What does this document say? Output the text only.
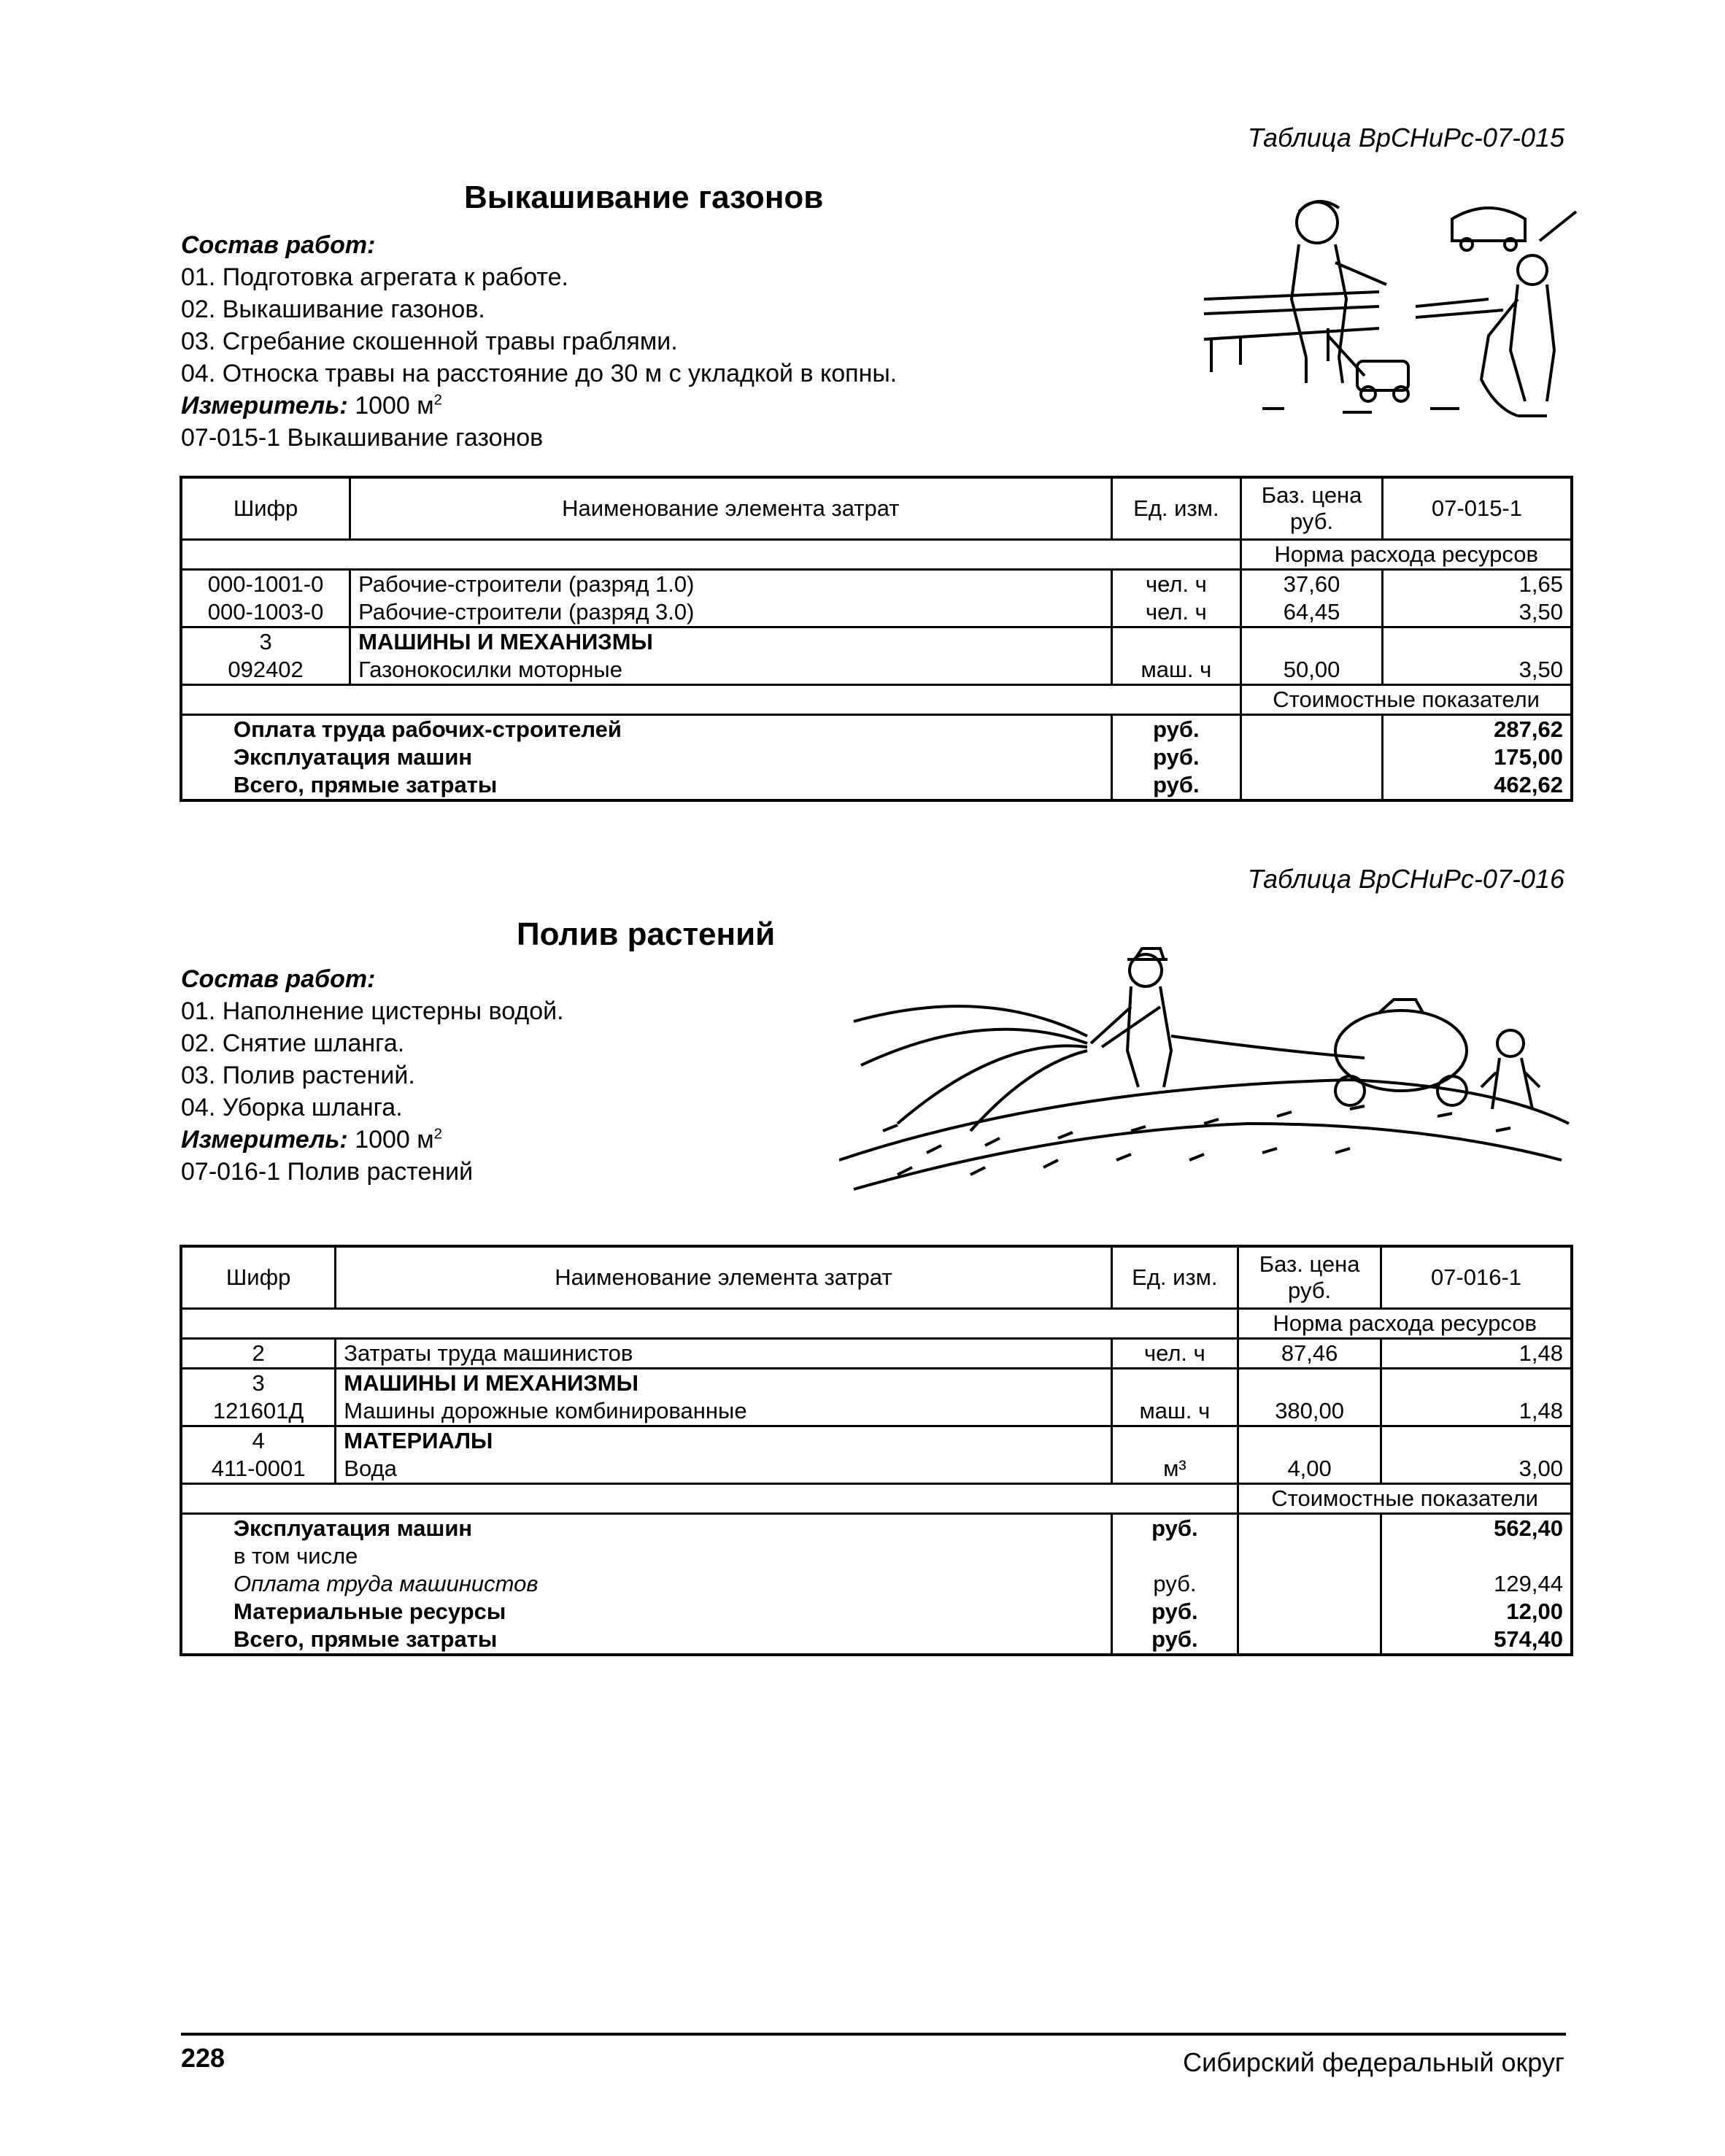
Таблица ВрСНиРс-07-015
Выкашивание газонов
Состав работ:
01. Подготовка агрегата к работе.
02. Выкашивание газонов.
03. Сгребание скошенной травы граблями.
04. Относка травы на расстояние до 30 м с укладкой в копны.
Измеритель: 1000 $м^2$
07-015-1 Выкашивание газонов
Шифр	Наименование элемента затрат	Ед. изм.	Баз. цена руб.	07-015-1
			Норма расхода ресурсов	
000-1001-0	Рабочие-строители (разряд 1.0)	чел. ч	37,60	1,65
000-1003-0	Рабочие-строители (разряд 3.0)	чел. ч	64,45	3,50
3	МАШИНЫ И МЕХАНИЗМЫ			
092402	Газонокосилки моторные	маш. ч	50,00	3,50
			Стоимостные показатели	
Оплата труда рабочих-строителей		руб.		287,62
Эксплуатация машин		руб.		175,00
Всего, прямые затраты		руб.		462,62
Таблица ВрСНиРс-07-016
Полив растений
Состав работ:
01. Наполнение цистерны водой.
02. Снятие шланга.
03. Полив растений.
04. Уборка шланга.
Измеритель: 1000 $м^2$
07-016-1 Полив растений
Шифр	Наименование элемента затрат	Ед. изм.	Баз. цена руб.	07-016-1
			Норма расхода ресурсов	
2	Затраты труда машинистов	чел. ч	87,46	1,48
3	МАШИНЫ И МЕХАНИЗМЫ			
121601Д	Машины дорожные комбинированные	маш. ч	380,00	1,48
4	МАТЕРИАЛЫ			
411-0001	Вода	м³	4,00	3,00
			Стоимостные показатели	
Эксплуатация машин		руб.		562,40
в том числе				
Оплата труда машинистов		руб.		129,44
Материальные ресурсы		руб.		12,00
Всего, прямые затраты		руб.		574,40
228	Сибирский федеральный округ
